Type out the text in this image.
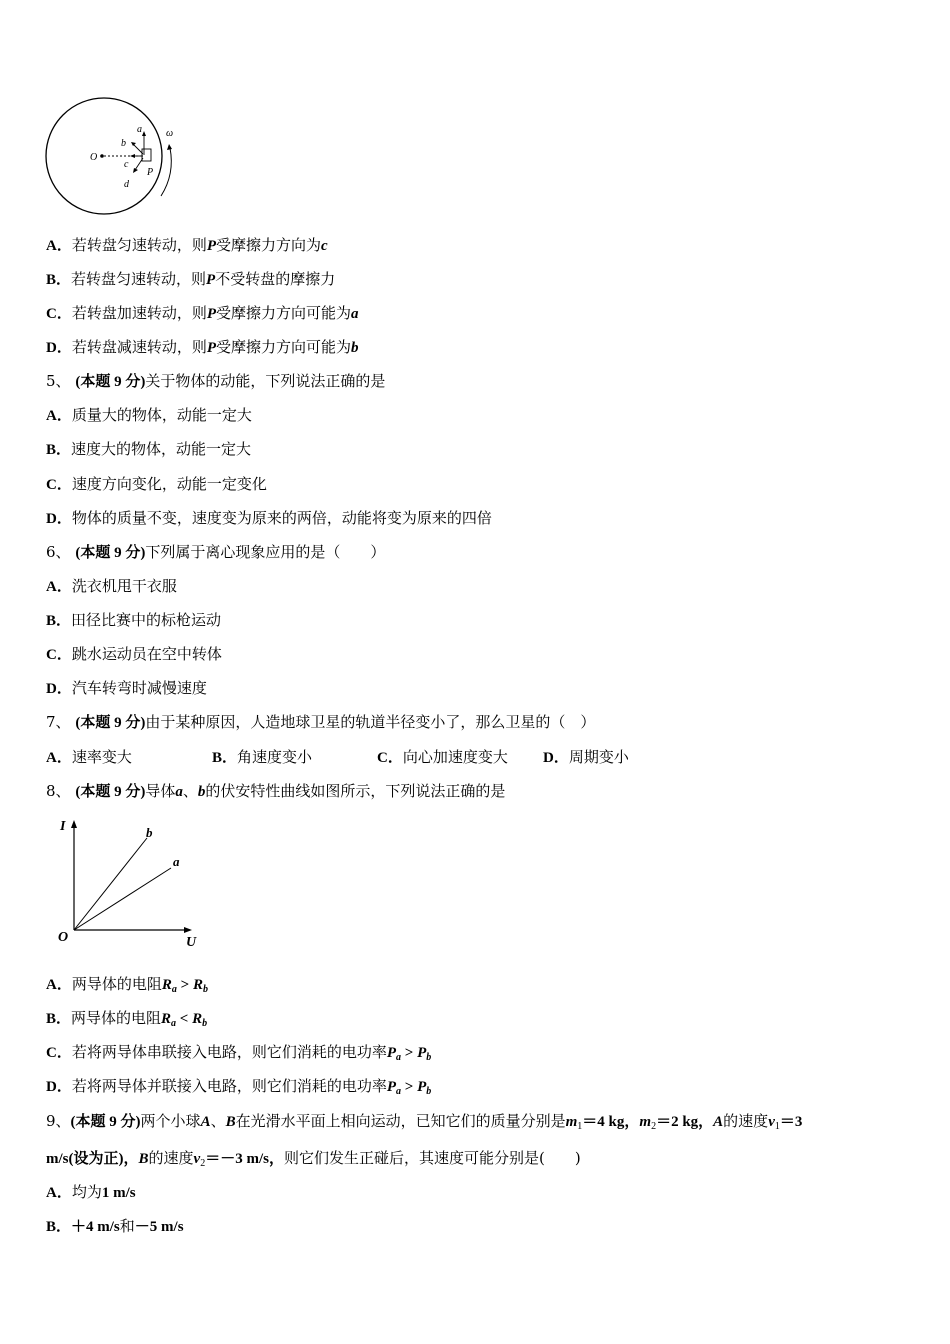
O
a
b
c
d
P
ω
A．若转盘匀速转动，则P受摩擦力方向为c
B．若转盘匀速转动，则P不受转盘的摩擦力
C．若转盘加速转动，则P受摩擦力方向可能为a
D．若转盘减速转动，则P受摩擦力方向可能为b
5、 (本题 9 分)关于物体的动能，下列说法正确的是
A．质量大的物体，动能一定大
B．速度大的物体，动能一定大
C．速度方向变化，动能一定变化
D．物体的质量不变，速度变为原来的两倍，动能将变为原来的四倍
6、 (本题 9 分)下列属于离心现象应用的是（　　）
A．洗衣机甩干衣服
B．田径比赛中的标枪运动
C．跳水运动员在空中转体
D．汽车转弯时减慢速度
7、 (本题 9 分)由于某种原因，人造地球卫星的轨道半径变小了，那么卫星的（　）
A．速率变大	B．角速度变小	C．向心加速度变大 D．周期变小
8、 (本题 9 分)导体a、b的伏安特性曲线如图所示，下列说法正确的是
I
U
O
b
a
A．两导体的电阻$R_a > R_b$
B．两导体的电阻$R_a < R_b$
C．若将两导体串联接入电路，则它们消耗的电功率$P_a > P_b$
D．若将两导体并联接入电路，则它们消耗的电功率$P_a > P_b$
9、(本题 9 分)两个小球A、B在光滑水平面上相向运动，已知它们的质量分别是$m_1=4$ kg，$m_2=2$ kg，A的速度$v_1=3$
m/s(设为正)，B的速度$v_2=-3$ m/s，则它们发生正碰后，其速度可能分别是(　　)
A．均为1 m/s
B．＋4 m/s和－5 m/s
